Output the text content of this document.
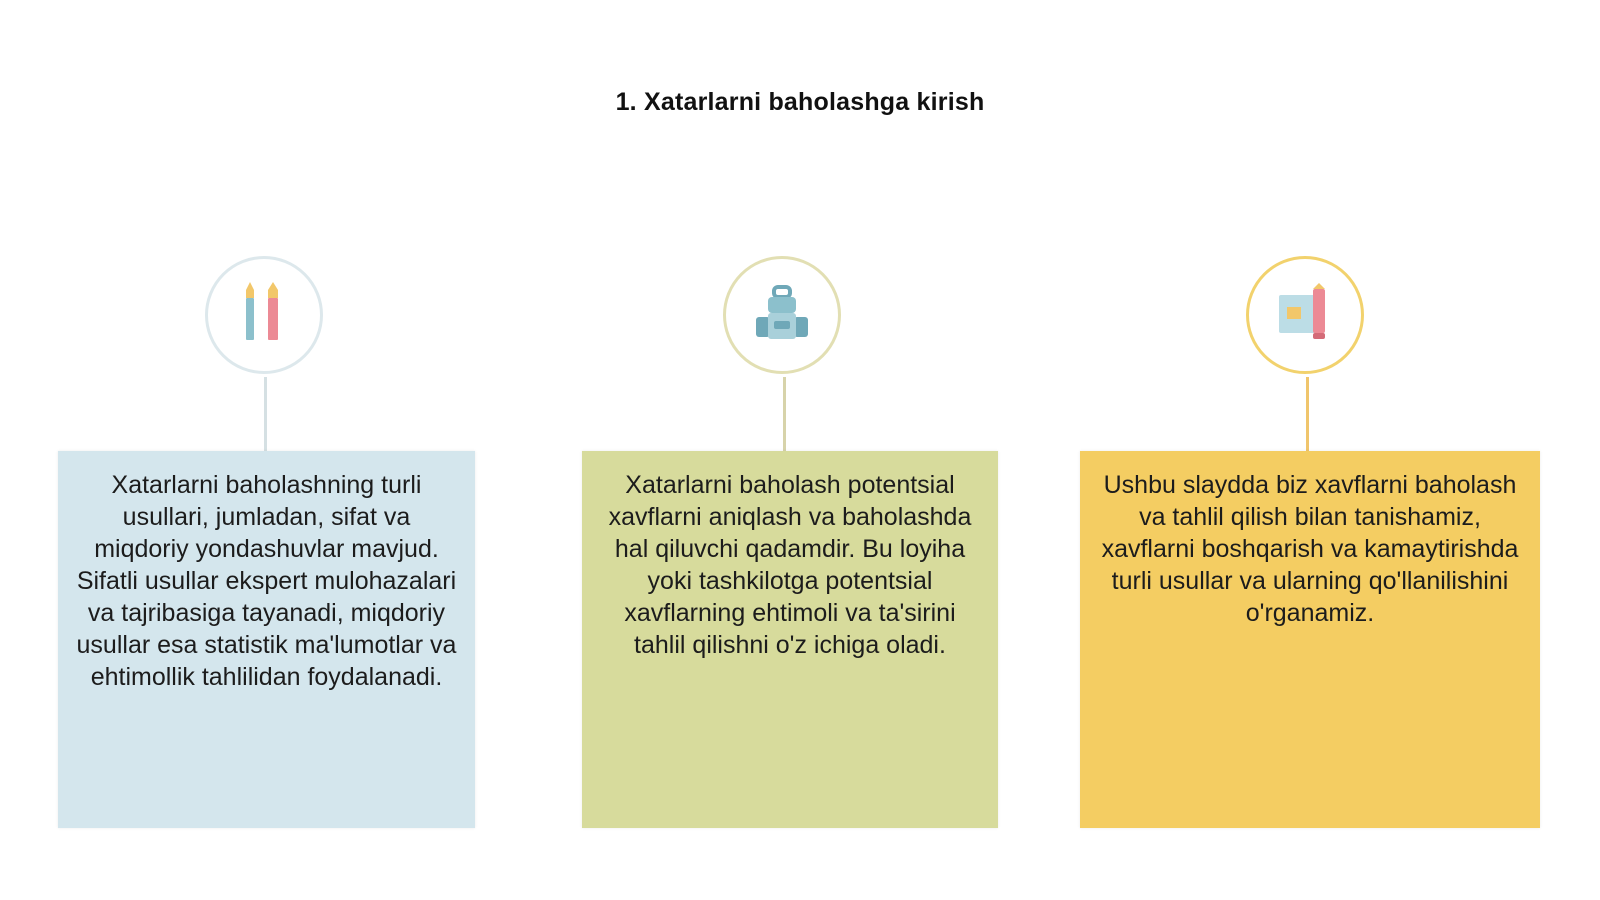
1. Xatarlarni baholashga kirish
Xatarlarni baholashning turli usullari, jumladan, sifat va miqdoriy yondashuvlar mavjud. Sifatli usullar ekspert mulohazalari va tajribasiga tayanadi, miqdoriy usullar esa statistik ma'lumotlar va ehtimollik tahlilidan foydalanadi.
Xatarlarni baholash potentsial xavflarni aniqlash va baholashda hal qiluvchi qadamdir. Bu loyiha yoki tashkilotga potentsial xavflarning ehtimoli va ta'sirini tahlil qilishni o'z ichiga oladi.
Ushbu slaydda biz xavflarni baholash va tahlil qilish bilan tanishamiz, xavflarni boshqarish va kamaytirishda turli usullar va ularning qo'llanilishini o'rganamiz.
